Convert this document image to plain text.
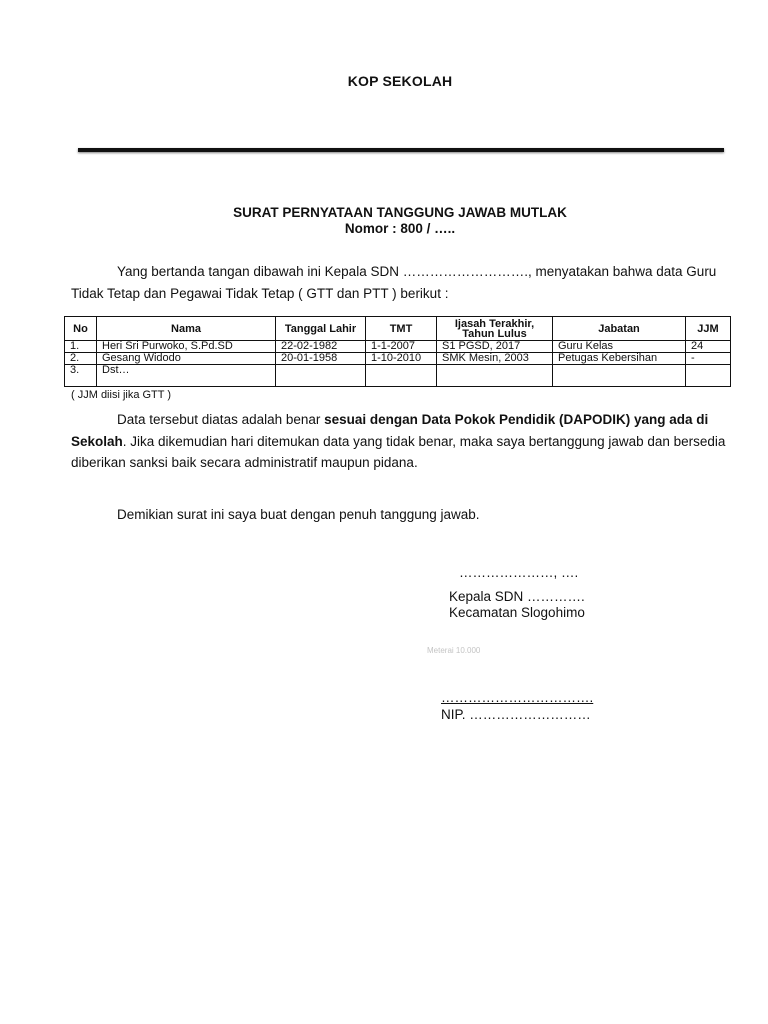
KOP SEKOLAH
SURAT PERNYATAAN TANGGUNG JAWAB MUTLAK
Nomor : 800 / …..
Yang bertanda tangan dibawah ini Kepala SDN ………………………., menyatakan bahwa data Guru Tidak Tetap dan Pegawai Tidak Tetap ( GTT dan PTT ) berikut :
No	Nama	Tanggal Lahir	TMT	Ijasah Terakhir, Tahun Lulus	Jabatan	JJM
1.	Heri Sri Purwoko, S.Pd.SD	22-02-1982	1-1-2007	S1 PGSD, 2017	Guru Kelas	24
2.	Gesang Widodo	20-01-1958	1-10-2010	SMK Mesin, 2003	Petugas Kebersihan	-
3.	Dst…					
( JJM diisi jika GTT )
Data tersebut diatas adalah benar sesuai dengan Data Pokok Pendidik (DAPODIK) yang ada di Sekolah. Jika dikemudian hari ditemukan data yang tidak benar, maka saya bertanggung jawab dan bersedia diberikan sanksi baik secara administratif maupun pidana.
Demikian surat ini saya buat dengan penuh tanggung jawab.
…………………, ….
Kepala SDN ………….
Kecamatan Slogohimo
Meterai 10.000
…………………………….
NIP. ………………………
